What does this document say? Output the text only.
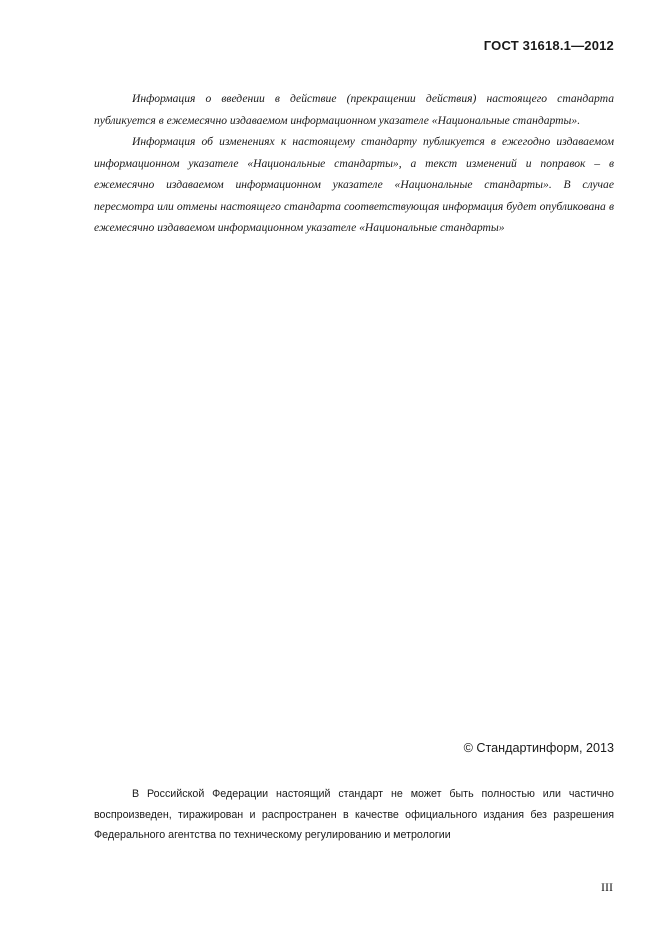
ГОСТ 31618.1—2012

Информация о введении в действие (прекращении действия) настоящего стандарта публикуется в ежемесячно издаваемом информационном указателе «Национальные стандарты».

Информация об изменениях к настоящему стандарту публикуется в ежегодно издаваемом информационном указателе «Национальные стандарты», а текст изменений и поправок – в ежемесячно издаваемом информационном указателе «Национальные стандарты». В случае пересмотра или отмены настоящего стандарта соответствующая информация будет опубликована в ежемесячно издаваемом информационном указателе «Национальные стандарты»

© Стандартинформ, 2013

В Российской Федерации настоящий стандарт не может быть полностью или частично воспроизведен, тиражирован и распространен в качестве официального издания без разрешения Федерального агентства по техническому регулированию и метрологии

III
